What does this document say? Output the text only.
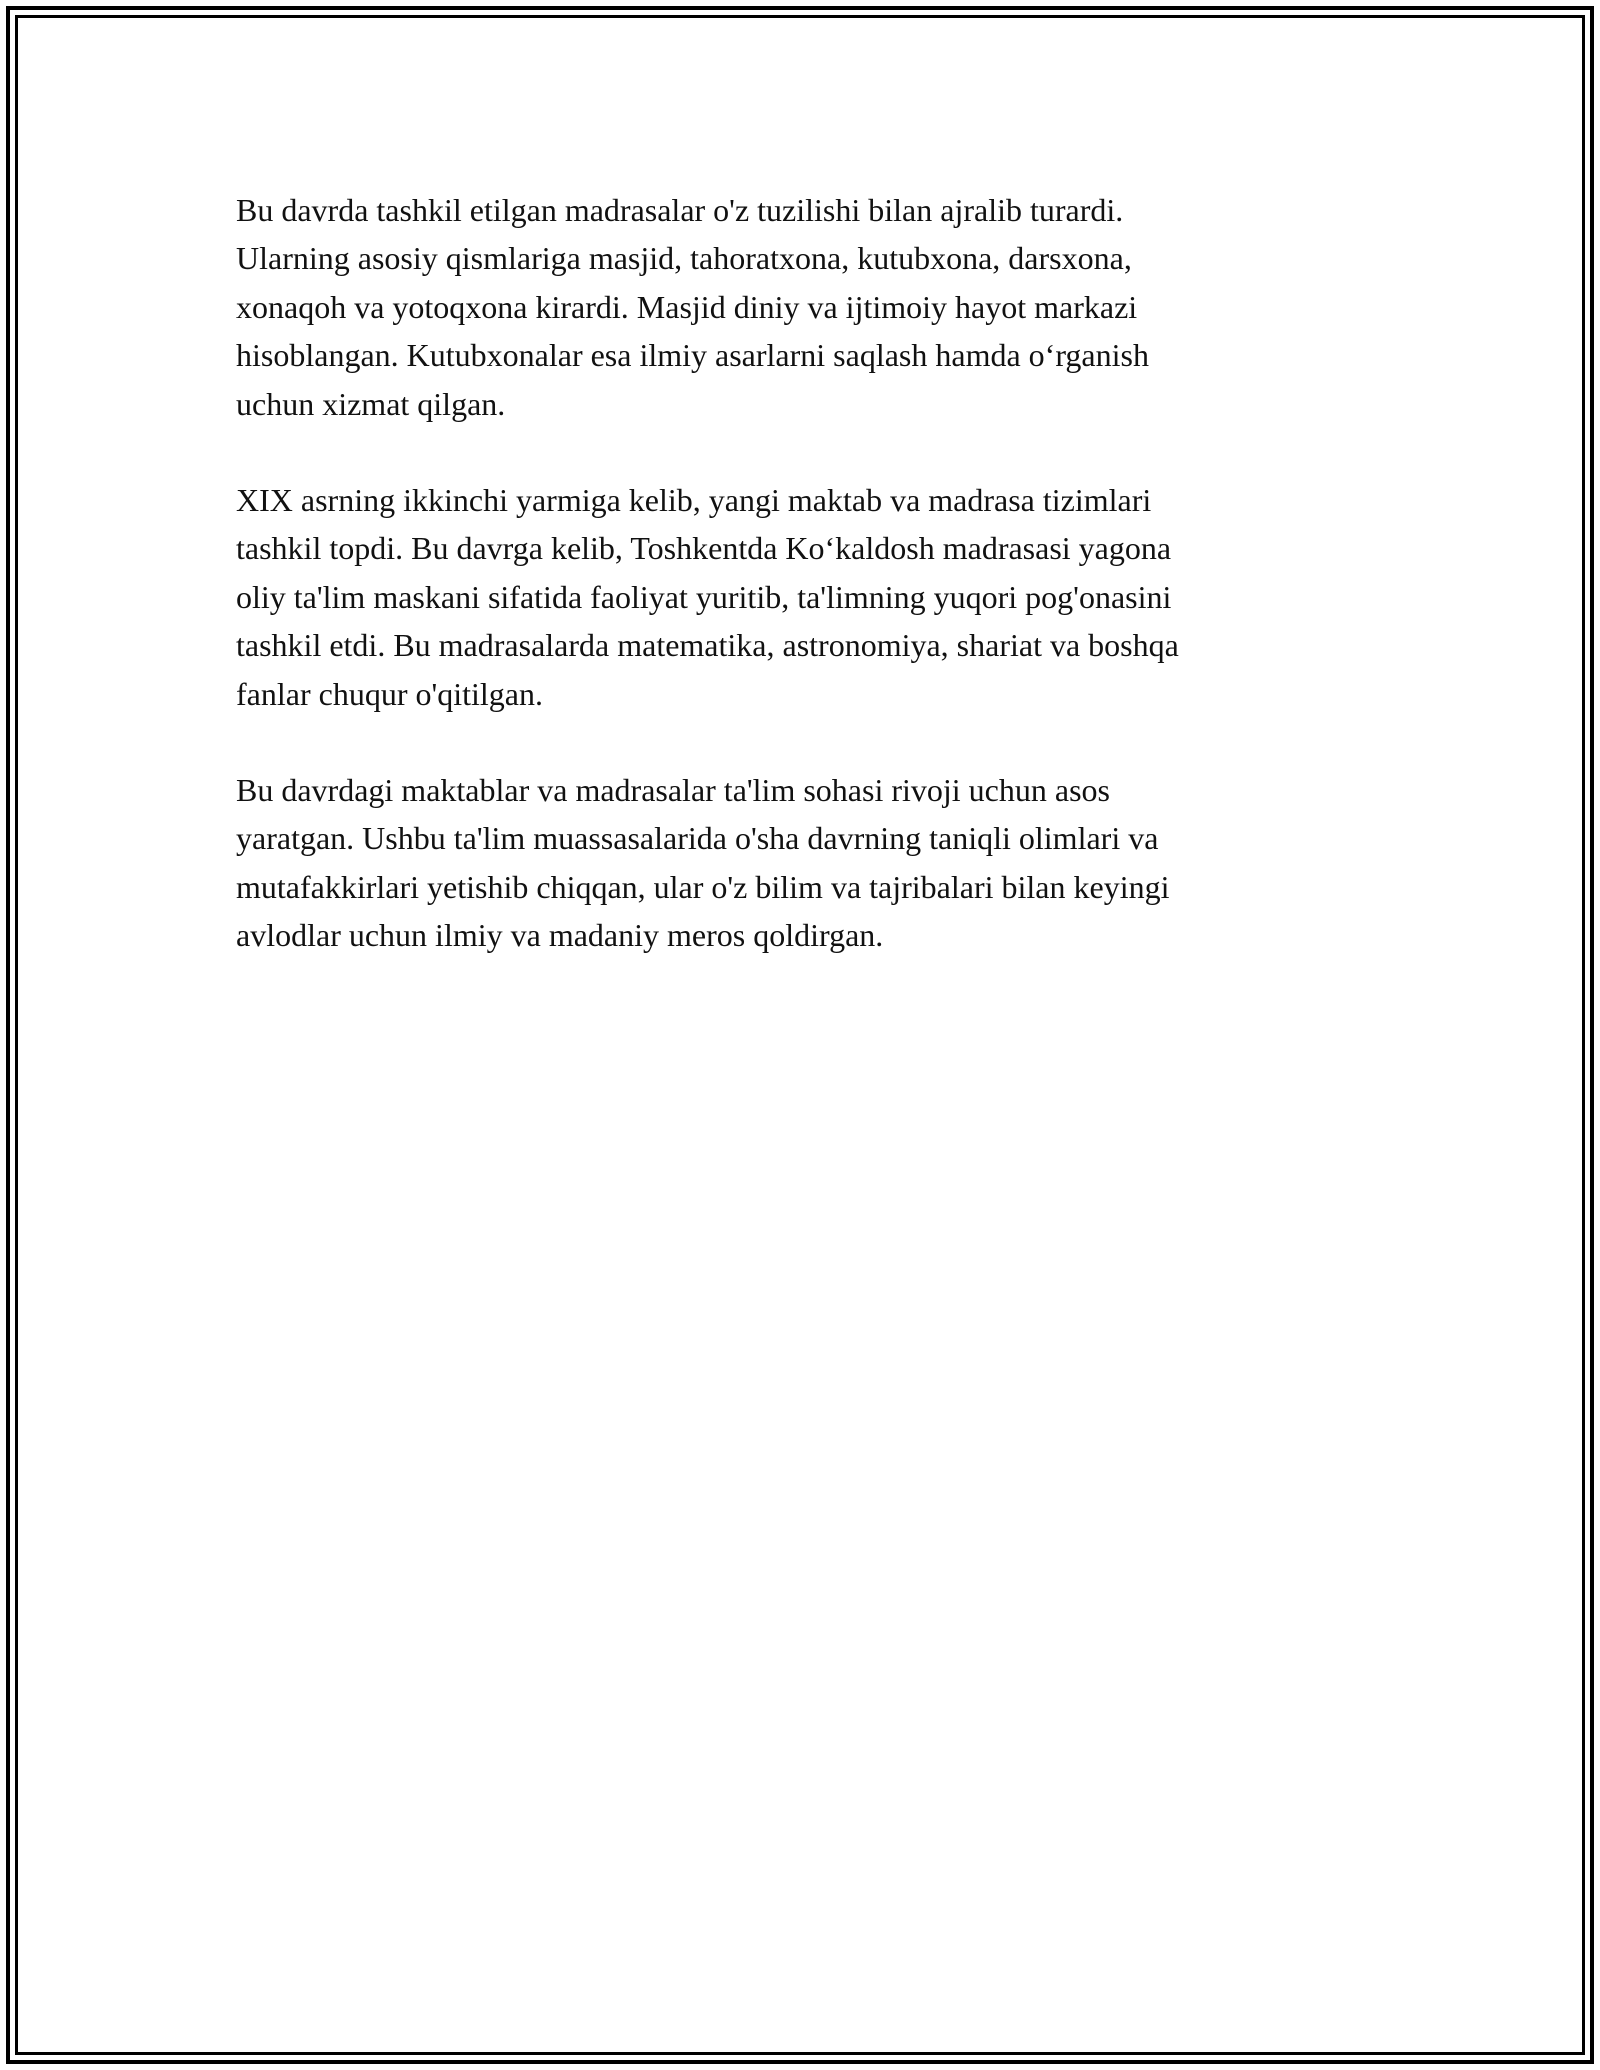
Bu davrda tashkil etilgan madrasalar o'z tuzilishi bilan ajralib turardi.
Ularning asosiy qismlariga masjid, tahoratxona, kutubxona, darsxona,
xonaqoh va yotoqxona kirardi. Masjid diniy va ijtimoiy hayot markazi
hisoblangan. Kutubxonalar esa ilmiy asarlarni saqlash hamda o‘rganish
uchun xizmat qilgan.

XIX asrning ikkinchi yarmiga kelib, yangi maktab va madrasa tizimlari
tashkil topdi. Bu davrga kelib, Toshkentda Ko‘kaldosh madrasasi yagona
oliy ta'lim maskani sifatida faoliyat yuritib, ta'limning yuqori pog'onasini
tashkil etdi. Bu madrasalarda matematika, astronomiya, shariat va boshqa
fanlar chuqur o'qitilgan.

Bu davrdagi maktablar va madrasalar ta'lim sohasi rivoji uchun asos
yaratgan. Ushbu ta'lim muassasalarida o'sha davrning taniqli olimlari va
mutafakkirlari yetishib chiqqan, ular o'z bilim va tajribalari bilan keyingi
avlodlar uchun ilmiy va madaniy meros qoldirgan.
